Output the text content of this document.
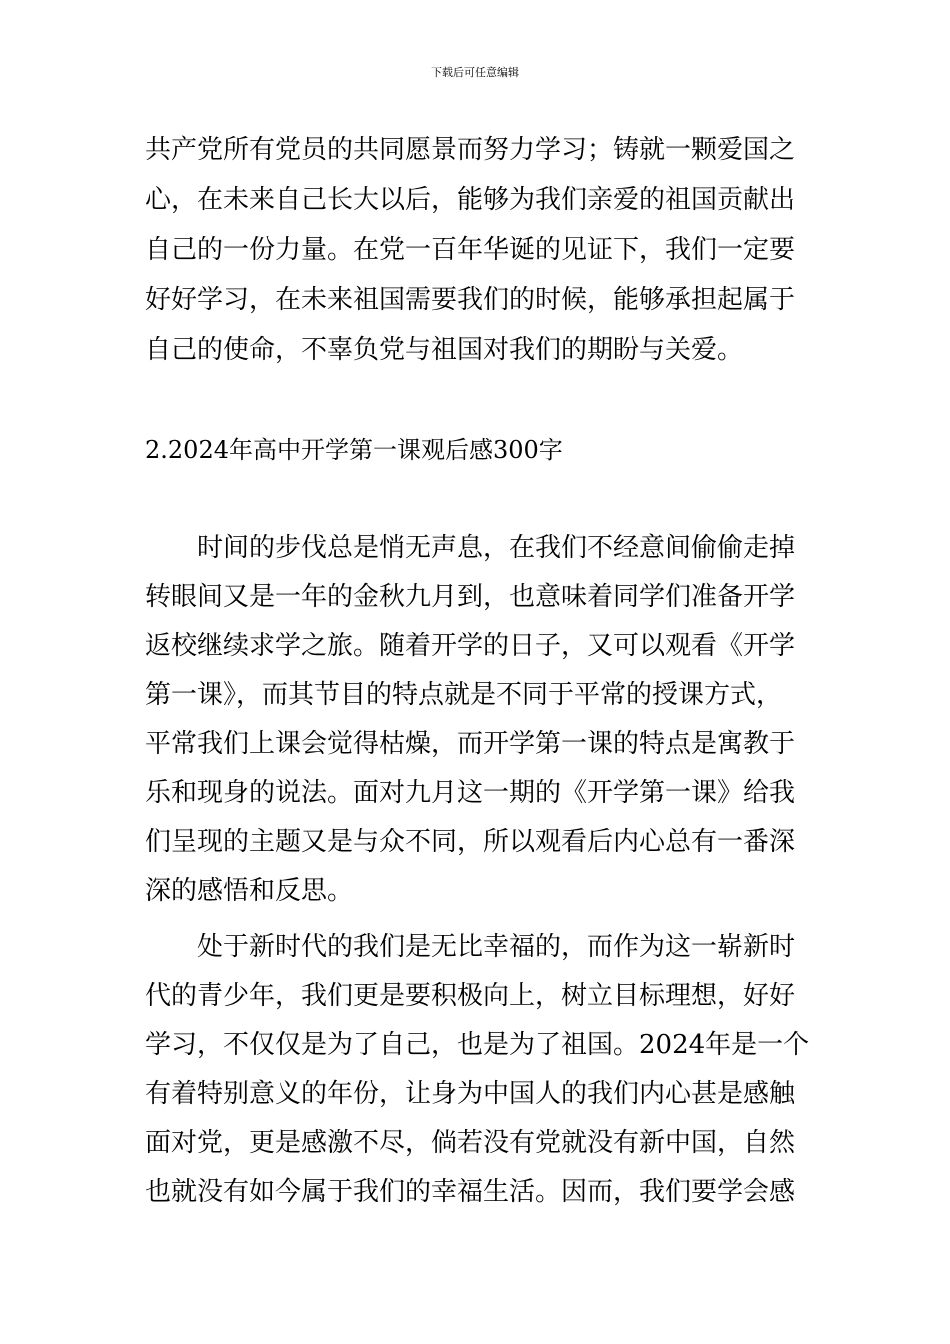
下载后可任意编辑
共产党所有党员的共同愿景而努力学习；铸就一颗爱国之
心，在未来自己长大以后，能够为我们亲爱的祖国贡献出
自己的一份力量。在党一百年华诞的见证下，我们一定要
好好学习，在未来祖国需要我们的时候，能够承担起属于
自己的使命，不辜负党与祖国对我们的期盼与关爱。
2.2024年高中开学第一课观后感300字
时间的步伐总是悄无声息，在我们不经意间偷偷走掉
转眼间又是一年的金秋九月到，也意味着同学们准备开学
返校继续求学之旅。随着开学的日子，又可以观看《开学
第一课》，而其节目的特点就是不同于平常的授课方式，
平常我们上课会觉得枯燥，而开学第一课的特点是寓教于
乐和现身的说法。面对九月这一期的《开学第一课》给我
们呈现的主题又是与众不同，所以观看后内心总有一番深
深的感悟和反思。
处于新时代的我们是无比幸福的，而作为这一崭新时
代的青少年，我们更是要积极向上，树立目标理想，好好
学习，不仅仅是为了自己，也是为了祖国。2024年是一个
有着特别意义的年份，让身为中国人的我们内心甚是感触
面对党，更是感激不尽，倘若没有党就没有新中国，自然
也就没有如今属于我们的幸福生活。因而，我们要学会感
